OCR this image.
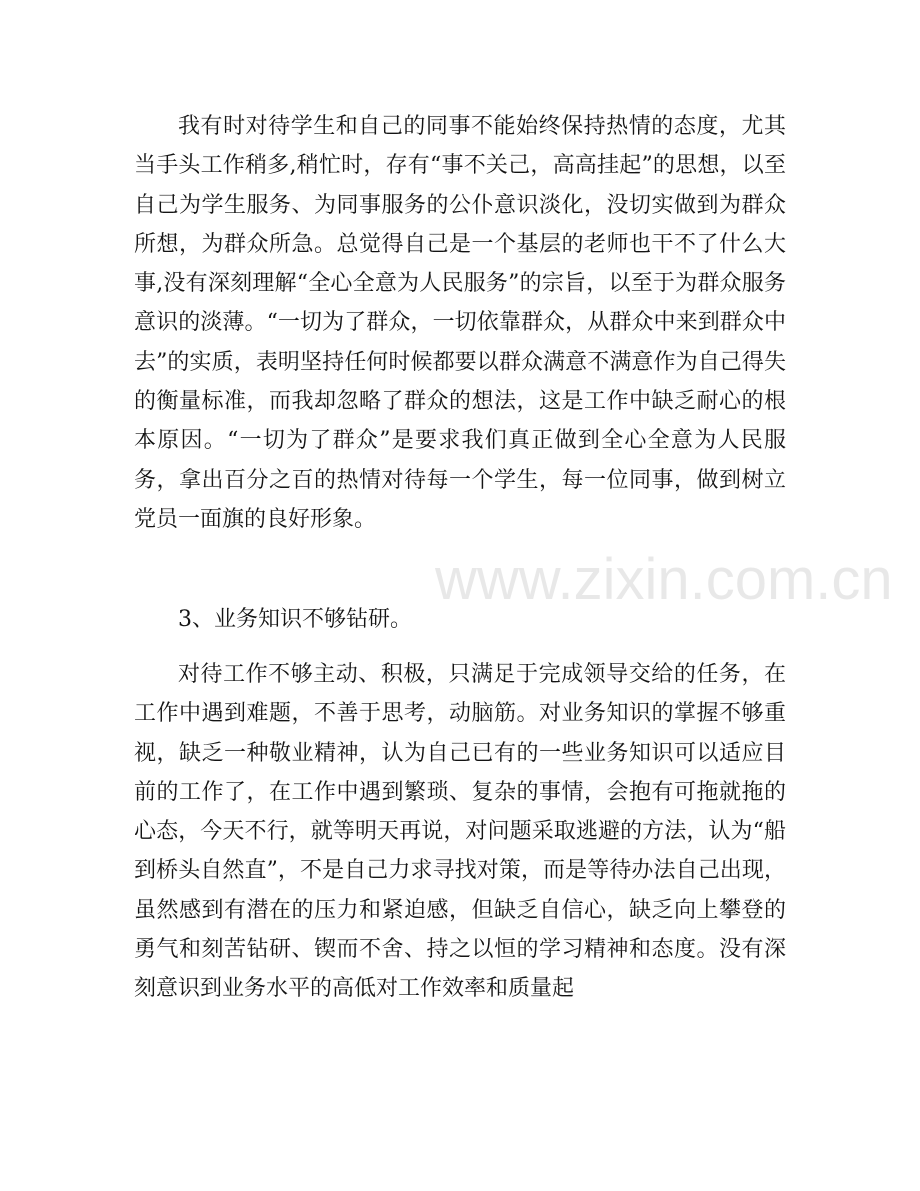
我有时对待学生和自己的同事不能始终保持热情的态度，尤其当手头工作稍多,稍忙时，存有“事不关己，高高挂起”的思想，以至自己为学生服务、为同事服务的公仆意识淡化，没切实做到为群众所想，为群众所急。总觉得自己是一个基层的老师也干不了什么大事,没有深刻理解“全心全意为人民服务”的宗旨，以至于为群众服务意识的淡薄。“一切为了群众，一切依靠群众，从群众中来到群众中去”的实质，表明坚持任何时候都要以群众满意不满意作为自己得失的衡量标准，而我却忽略了群众的想法，这是工作中缺乏耐心的根本原因。“一切为了群众”是要求我们真正做到全心全意为人民服务，拿出百分之百的热情对待每一个学生，每一位同事，做到树立党员一面旗的良好形象。

3、业务知识不够钻研。

对待工作不够主动、积极，只满足于完成领导交给的任务，在工作中遇到难题，不善于思考，动脑筋。对业务知识的掌握不够重视，缺乏一种敬业精神，认为自己已有的一些业务知识可以适应目前的工作了，在工作中遇到繁琐、复杂的事情，会抱有可拖就拖的心态，今天不行，就等明天再说，对问题采取逃避的方法，认为“船到桥头自然直”，不是自己力求寻找对策，而是等待办法自己出现，虽然感到有潜在的压力和紧迫感，但缺乏自信心，缺乏向上攀登的勇气和刻苦钻研、锲而不舍、持之以恒的学习精神和态度。没有深刻意识到业务水平的高低对工作效率和质量起

www.zixin.com.cn
